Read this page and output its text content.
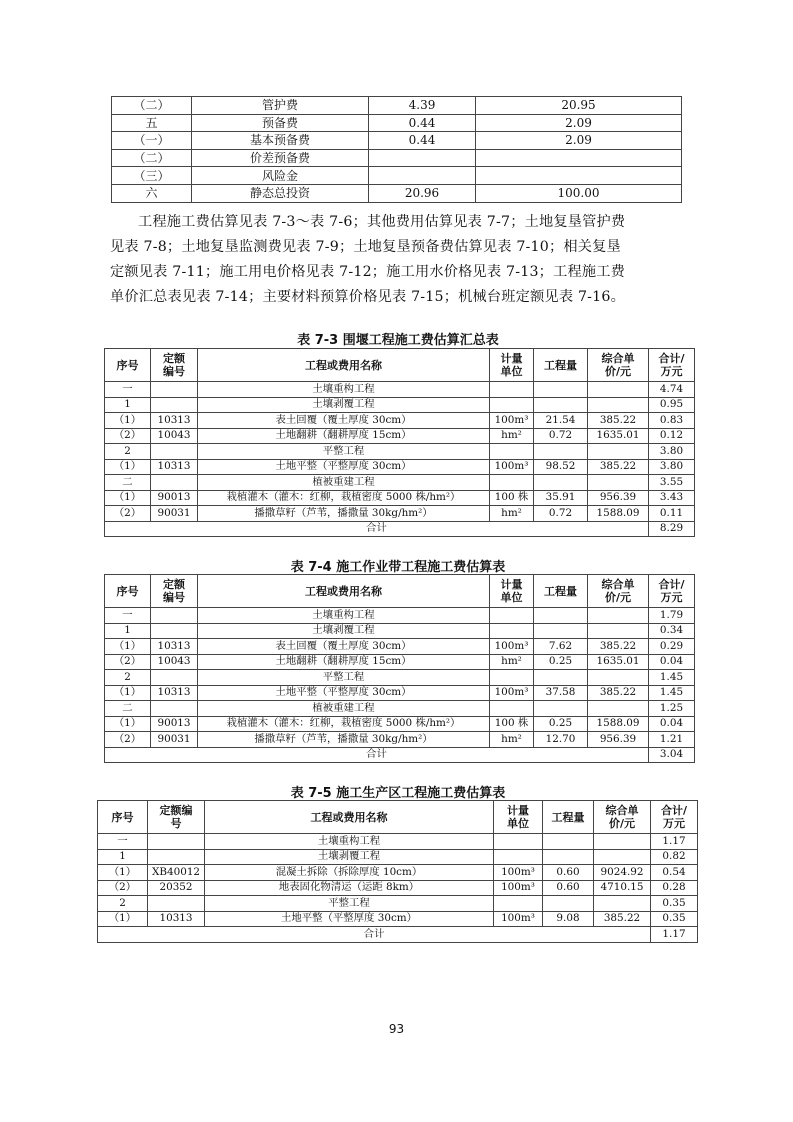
（二）	管护费	4.39	20.95
五	预备费	0.44	2.09
（一）	基本预备费	0.44	2.09
（二）	价差预备费		
（三）	风险金		
六	静态总投资	20.96	100.00

工程施工费估算见表 7-3～表 7-6；其他费用估算见表 7-7；土地复垦管护费

见表 7-8；土地复垦监测费见表 7-9；土地复垦预备费估算见表 7-10；相关复垦

定额见表 7-11；施工用电价格见表 7-12；施工用水价格见表 7-13；工程施工费

单价汇总表见表 7-14；主要材料预算价格见表 7-15；机械台班定额见表 7-16。

表 7-3 围堰工程施工费估算汇总表
序号	定额
编号	工程或费用名称	计量
单位	工程量	综合单
价/元	合计/
万元
一		土壤重构工程				4.74
1		土壤剥覆工程				0.95
（1）	10313	表土回覆（覆土厚度 30cm）	100m³	21.54	385.22	0.83
（2）	10043	土地翻耕（翻耕厚度 15cm）	hm²	0.72	1635.01	0.12
2		平整工程				3.80
（1）	10313	土地平整（平整厚度 30cm）	100m³	98.52	385.22	3.80
二		植被重建工程				3.55
（1）	90013	栽植灌木（灌木：红柳，栽植密度 5000 株/hm²）	100 株	35.91	956.39	3.43
（2）	90031	播撒草籽（芦苇，播撒量 30kg/hm²）	hm²	0.72	1588.09	0.11
合计						8.29
表 7-4 施工作业带工程施工费估算表
序号	定额
编号	工程或费用名称	计量
单位	工程量	综合单
价/元	合计/
万元
一		土壤重构工程				1.79
1		土壤剥覆工程				0.34
（1）	10313	表土回覆（覆土厚度 30cm）	100m³	7.62	385.22	0.29
（2）	10043	土地翻耕（翻耕厚度 15cm）	hm²	0.25	1635.01	0.04
2		平整工程				1.45
（1）	10313	土地平整（平整厚度 30cm）	100m³	37.58	385.22	1.45
二		植被重建工程				1.25
（1）	90013	栽植灌木（灌木：红柳，栽植密度 5000 株/hm²）	100 株	0.25	1588.09	0.04
（2）	90031	播撒草籽（芦苇，播撒量 30kg/hm²）	hm²	12.70	956.39	1.21
合计						3.04
表 7-5 施工生产区工程施工费估算表
序号	定额编
号	工程或费用名称	计量
单位	工程量	综合单
价/元	合计/
万元
一		土壤重构工程				1.17
1		土壤剥覆工程				0.82
（1）	XB40012	混凝土拆除（拆除厚度 10cm）	100m³	0.60	9024.92	0.54
（2）	20352	地表固化物清运（运距 8km）	100m³	0.60	4710.15	0.28
2		平整工程				0.35
（1）	10313	土地平整（平整厚度 30cm）	100m³	9.08	385.22	0.35
合计						1.17
93
